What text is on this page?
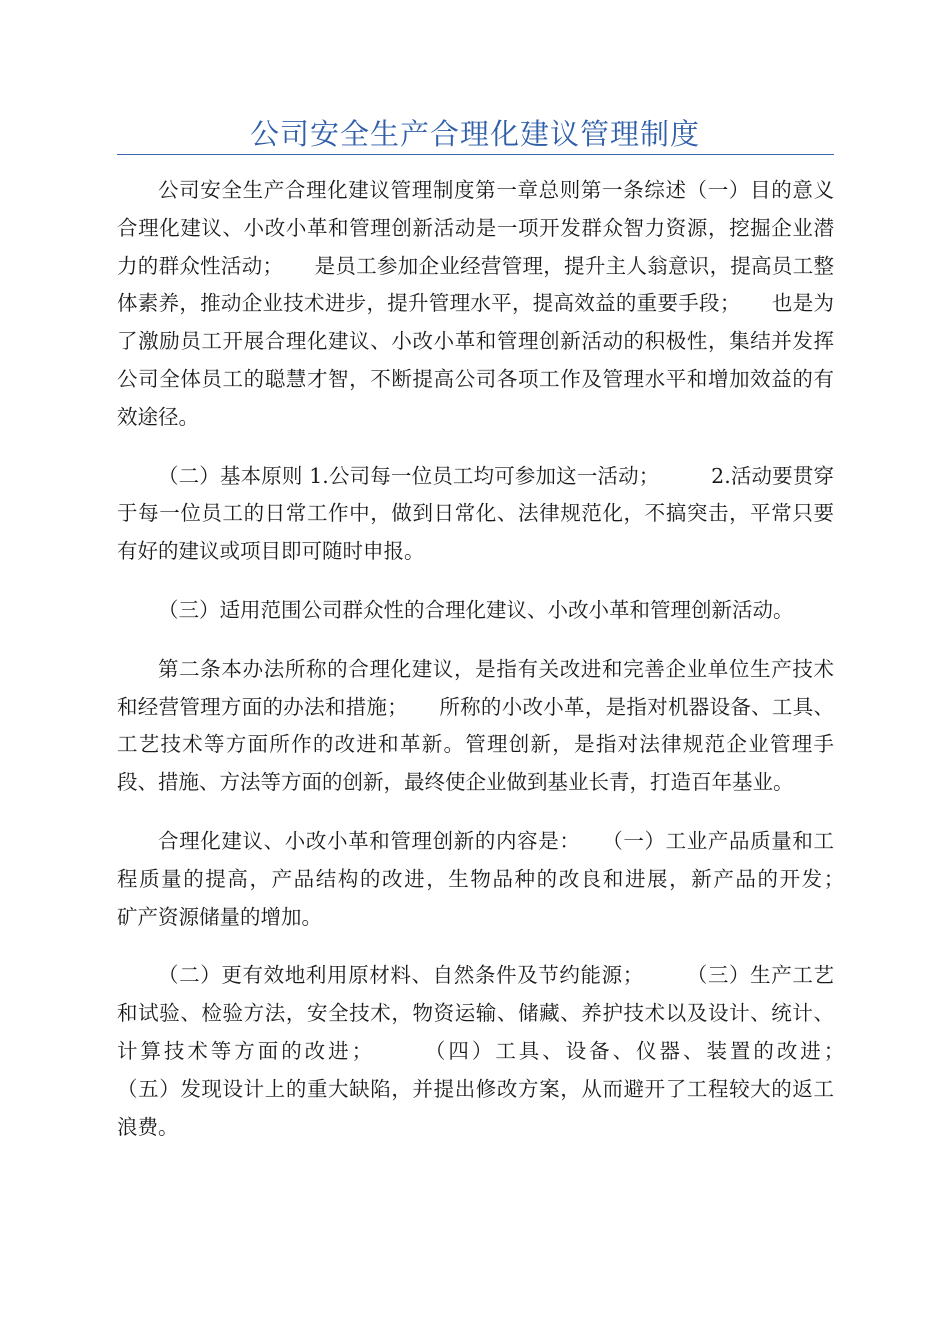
公司安全生产合理化建议管理制度

公司安全生产合理化建议管理制度第一章总则第一条综述（一）目的意义合理化建议、小改小革和管理创新活动是一项开发群众智力资源，挖掘企业潜力的群众性活动；　　是员工参加企业经营管理，提升主人翁意识，提高员工整体素养，推动企业技术进步，提升管理水平，提高效益的重要手段；　　也是为了激励员工开展合理化建议、小改小革和管理创新活动的积极性，集结并发挥公司全体员工的聪慧才智，不断提高公司各项工作及管理水平和增加效益的有效途径。

（二）基本原则 1.公司每一位员工均可参加这一活动；　　　2.活动要贯穿于每一位员工的日常工作中，做到日常化、法律规范化，不搞突击，平常只要有好的建议或项目即可随时申报。

（三）适用范围公司群众性的合理化建议、小改小革和管理创新活动。

第二条本办法所称的合理化建议，是指有关改进和完善企业单位生产技术和经营管理方面的办法和措施；　　所称的小改小革，是指对机器设备、工具、工艺技术等方面所作的改进和革新。管理创新，是指对法律规范企业管理手段、措施、方法等方面的创新，最终使企业做到基业长青，打造百年基业。

合理化建议、小改小革和管理创新的内容是：　　（一）工业产品质量和工程质量的提高，产品结构的改进，生物品种的改良和进展，新产品的开发；　　矿产资源储量的增加。

（二）更有效地利用原材料、自然条件及节约能源；　　　（三）生产工艺和试验、检验方法，安全技术，物资运输、储藏、养护技术以及设计、统计、计算技术等方面的改进；　　　（四）工具、设备、仪器、装置的改进；　　　（五）发现设计上的重大缺陷，并提出修改方案，从而避开了工程较大的返工浪费。
